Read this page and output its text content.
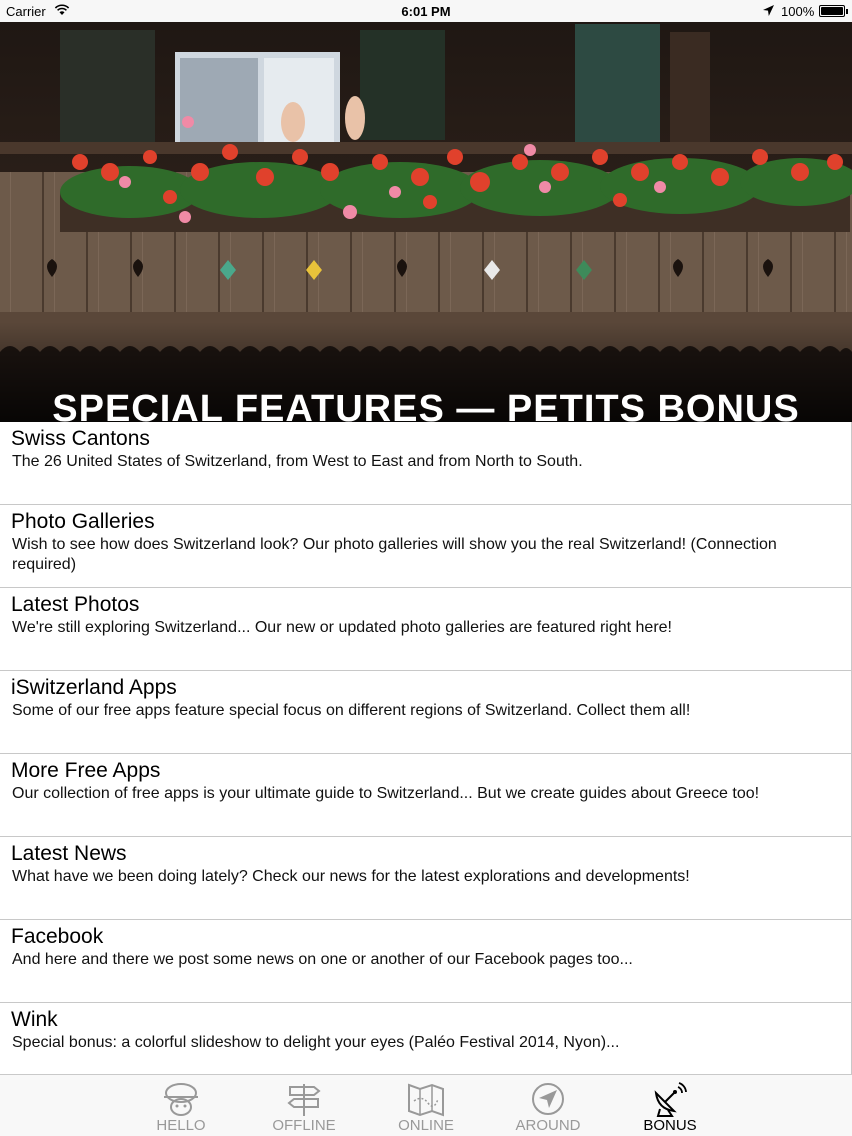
Carrier	6:01 PM	100%
SPECIAL FEATURES — PETITS BONUS
Swiss Cantons
The 26 United States of Switzerland, from West to East and from North to South.
Photo Galleries
Wish to see how does Switzerland look? Our photo galleries will show you the real Switzerland! (Connection required)
Latest Photos
We're still exploring Switzerland... Our new or updated photo galleries are featured right here!
iSwitzerland Apps
Some of our free apps feature special focus on different regions of Switzerland. Collect them all!
More Free Apps
Our collection of free apps is your ultimate guide to Switzerland... But we create guides about Greece too!
Latest News
What have we been doing lately? Check our news for the latest explorations and developments!
Facebook
And here and there we post some news on one or another of our Facebook pages too...
Wink
Special bonus: a colorful slideshow to delight your eyes (Paléo Festival 2014, Nyon)...
HELLO	OFFLINE	ONLINE	AROUND	BONUS
